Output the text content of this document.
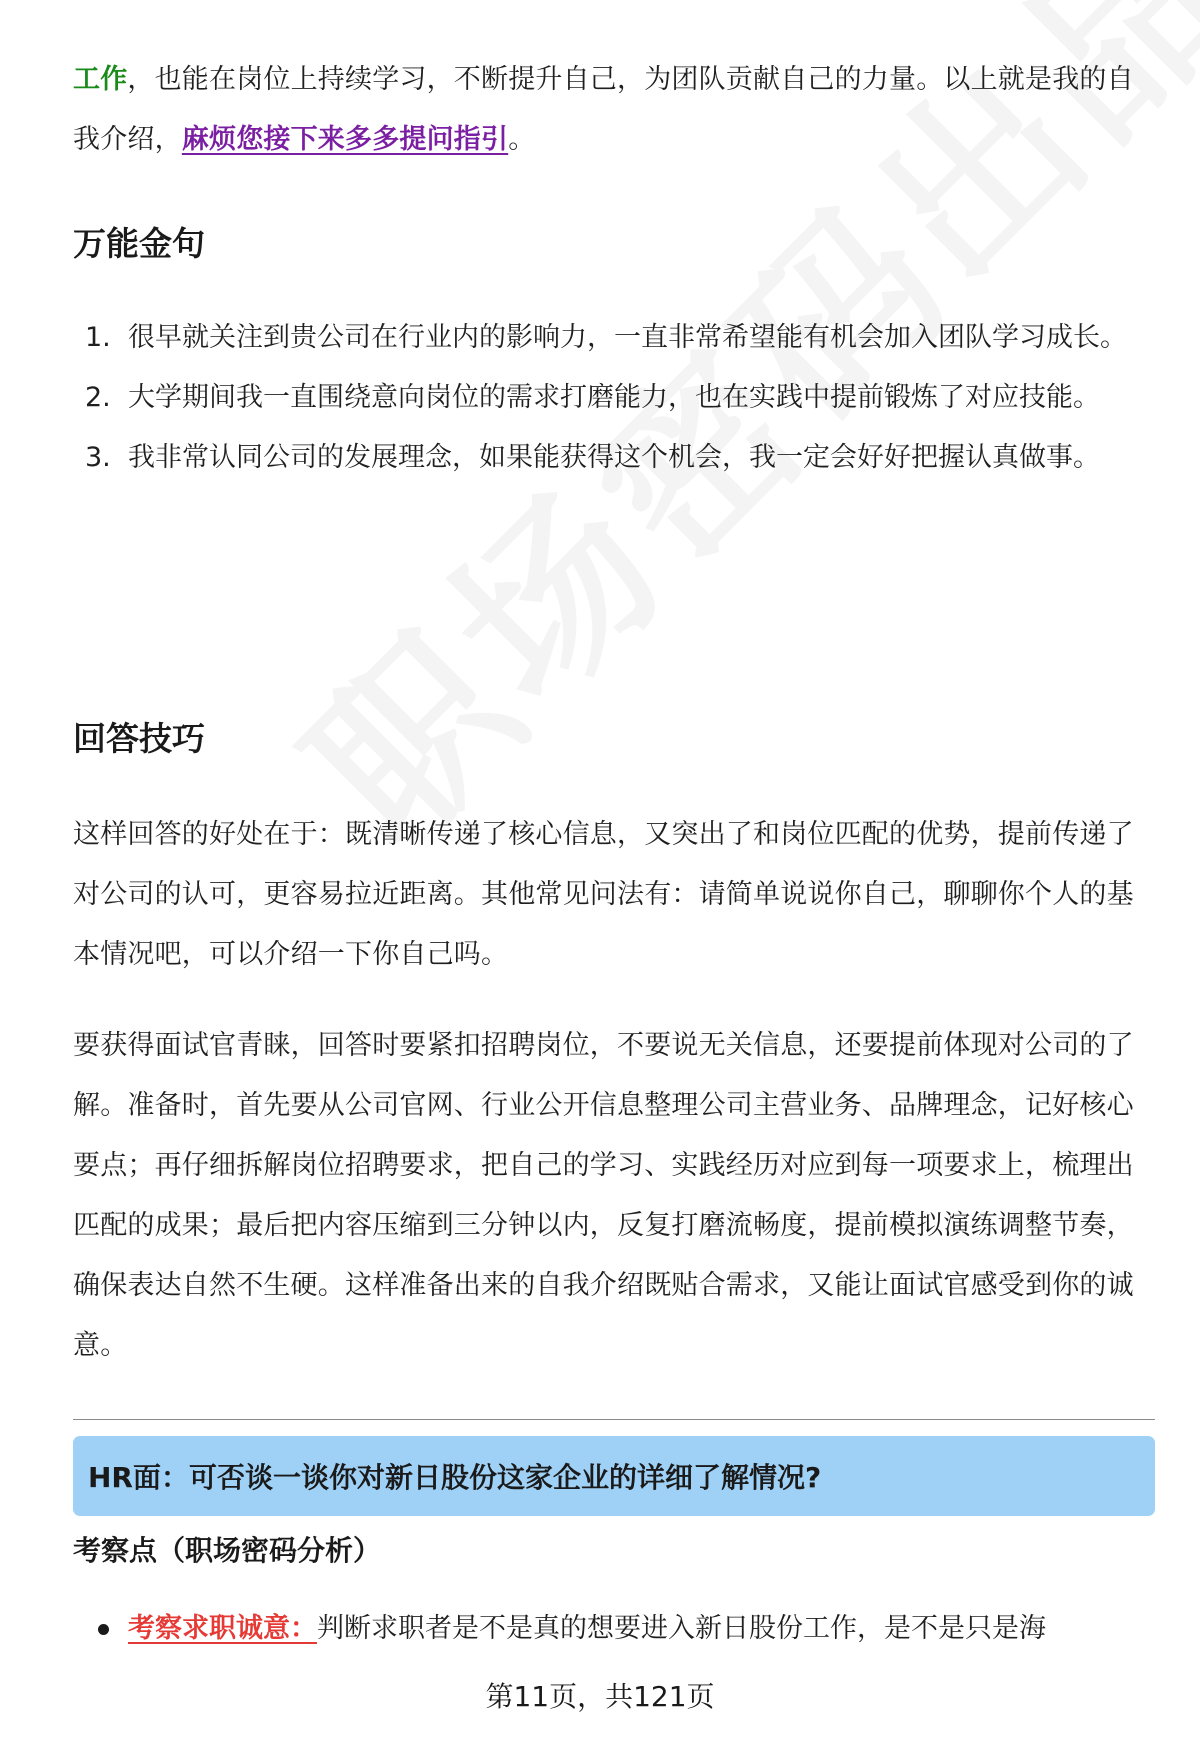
工作，也能在岗位上持续学习，不断提升自己，为团队贡献自己的力量。以上就是我的自我介绍，麻烦您接下来多多提问指引。

万能金句
1. 很早就关注到贵公司在行业内的影响力，一直非常希望能有机会加入团队学习成长。
2. 大学期间我一直围绕意向岗位的需求打磨能力，也在实践中提前锻炼了对应技能。
3. 我非常认同公司的发展理念，如果能获得这个机会，我一定会好好把握认真做事。
回答技巧

这样回答的好处在于：既清晰传递了核心信息，又突出了和岗位匹配的优势，提前传递了对公司的认可，更容易拉近距离。其他常见问法有：请简单说说你自己，聊聊你个人的基本情况吧，可以介绍一下你自己吗。

要获得面试官青睐，回答时要紧扣招聘岗位，不要说无关信息，还要提前体现对公司的了解。准备时，首先要从公司官网、行业公开信息整理公司主营业务、品牌理念，记好核心要点；再仔细拆解岗位招聘要求，把自己的学习、实践经历对应到每一项要求上，梳理出匹配的成果；最后把内容压缩到三分钟以内，反复打磨流畅度，提前模拟演练调整节奏，确保表达自然不生硬。这样准备出来的自我介绍既贴合需求，又能让面试官感受到你的诚意。

HR面：可否谈一谈你对新日股份这家企业的详细了解情况?
考察点（职场密码分析）
考察求职诚意：判断求职者是不是真的想要进入新日股份工作，是不是只是海
第11页，共121页
